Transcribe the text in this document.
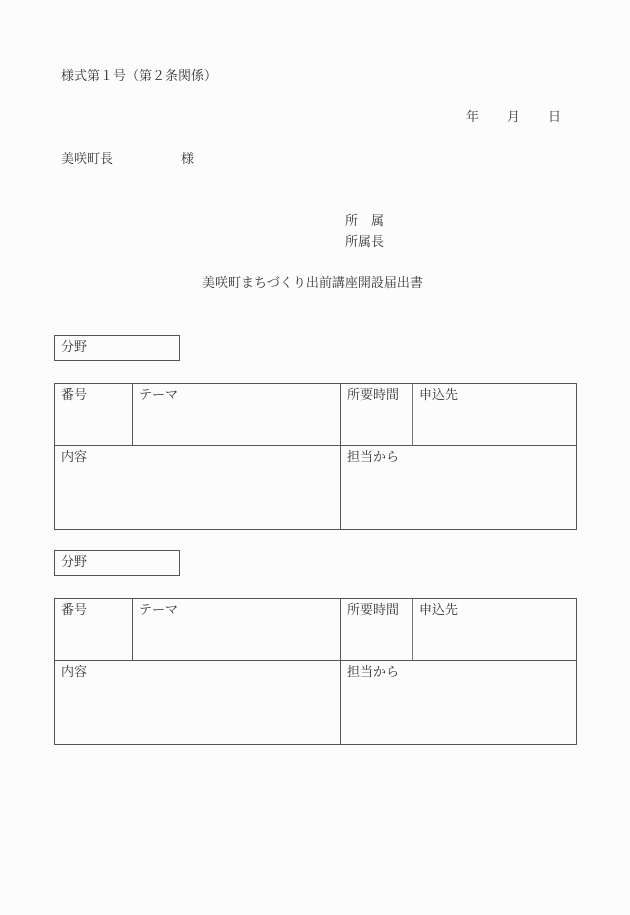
様式第１号（第２条関係）
年 月 日
美咲町長	様
所　属
所属長
美咲町まちづくり出前講座開設届出書
分野
番号	テーマ	所要時間 申込先
内容	担当から
分野
番号	テーマ	所要時間 申込先
内容	担当から
